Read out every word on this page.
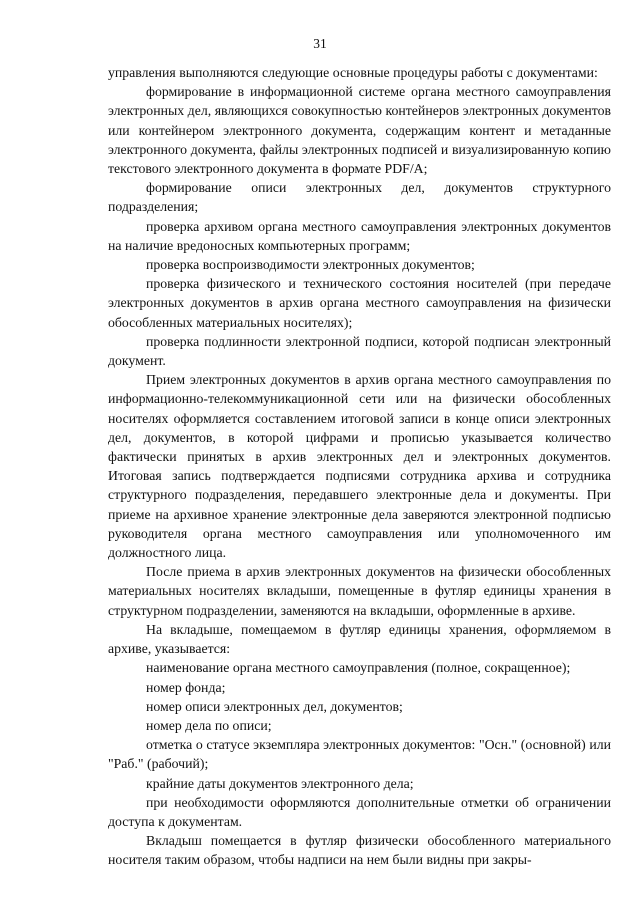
31

управления выполняются следующие основные процедуры работы с документами:

формирование в информационной системе органа местного самоуправления электронных дел, являющихся совокупностью контейнеров электронных документов или контейнером электронного документа, содержащим контент и метаданные электронного документа, файлы электронных подписей и визуализированную копию текстового электронного документа в формате PDF/A;

формирование описи электронных дел, документов структурного подразделения;

проверка архивом органа местного самоуправления электронных документов на наличие вредоносных компьютерных программ;

проверка воспроизводимости электронных документов;

проверка физического и технического состояния носителей (при передаче электронных документов в архив органа местного самоуправления на физически обособленных материальных носителях);

проверка подлинности электронной подписи, которой подписан электронный документ.

Прием электронных документов в архив органа местного самоуправления по информационно-телекоммуникационной сети или на физически обособленных носителях оформляется составлением итоговой записи в конце описи электронных дел, документов, в которой цифрами и прописью указывается количество фактически принятых в архив электронных дел и электронных документов. Итоговая запись подтверждается подписями сотрудника архива и сотрудника структурного подразделения, передавшего электронные дела и документы. При приеме на архивное хранение электронные дела заверяются электронной подписью руководителя органа местного самоуправления или уполномоченного им должностного лица.

После приема в архив электронных документов на физически обособленных материальных носителях вкладыши, помещенные в футляр единицы хранения в структурном подразделении, заменяются на вкладыши, оформленные в архиве.

На вкладыше, помещаемом в футляр единицы хранения, оформляемом в архиве, указывается:

наименование органа местного самоуправления (полное, сокращенное);

номер фонда;

номер описи электронных дел, документов;

номер дела по описи;

отметка о статусе экземпляра электронных документов: "Осн." (основной) или "Раб." (рабочий);

крайние даты документов электронного дела;

при необходимости оформляются дополнительные отметки об ограничении доступа к документам.

Вкладыш помещается в футляр физически обособленного материального носителя таким образом, чтобы надписи на нем были видны при закры-
